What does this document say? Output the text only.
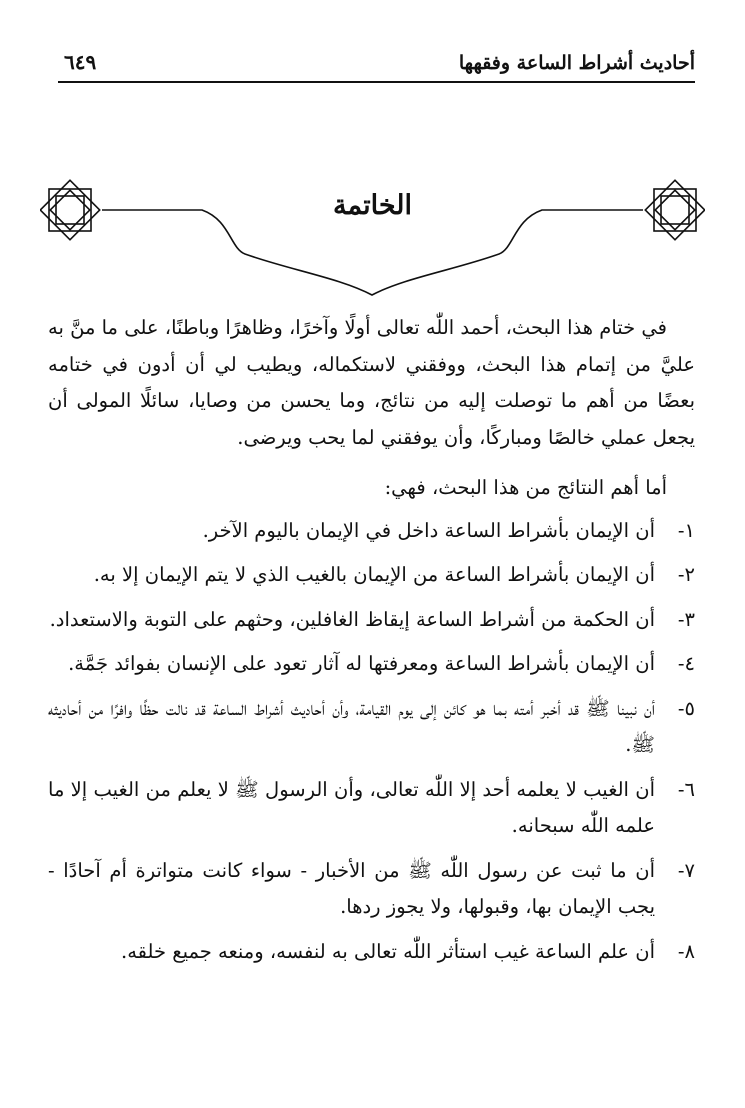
أحاديث أشراط الساعة وفقهها
٦٤٩
الخاتمة

في ختام هذا البحث، أحمد اللّٰه تعالى أولًا وآخرًا، وظاهرًا وباطنًا، على ما منَّ به عليَّ من إتمام هذا البحث، ووفقني لاستكماله، ويطيب لي أن أدون في ختامه بعضًا من أهم ما توصلت إليه من نتائج، وما يحسن من وصايا، سائلًا المولى أن يجعل عملي خالصًا ومباركًا، وأن يوفقني لما يحب ويرضى.

أما أهم النتائج من هذا البحث، فهي:

١-
أن الإيمان بأشراط الساعة داخل في الإيمان باليوم الآخر.
٢-
أن الإيمان بأشراط الساعة من الإيمان بالغيب الذي لا يتم الإيمان إلا به.
٣-
أن الحكمة من أشراط الساعة إيقاظ الغافلين، وحثهم على التوبة والاستعداد.
٤-
أن الإيمان بأشراط الساعة ومعرفتها له آثار تعود على الإنسان بفوائد جَمَّة.
٥-
أن نبينا ﷺ قد أخبر أمته بما هو كائن إلى يوم القيامة، وأن أحاديث أشراط الساعة قد نالت حظًا وافرًا من أحاديثه ﷺ.
٦-
أن الغيب لا يعلمه أحد إلا اللّٰه تعالى، وأن الرسول ﷺ لا يعلم من الغيب إلا ما علمه اللّٰه سبحانه.
٧-
أن ما ثبت عن رسول اللّٰه ﷺ من الأخبار - سواء كانت متواترة أم آحادًا - يجب الإيمان بها، وقبولها، ولا يجوز ردها.
٨-
أن علم الساعة غيب استأثر اللّٰه تعالى به لنفسه، ومنعه جميع خلقه.
